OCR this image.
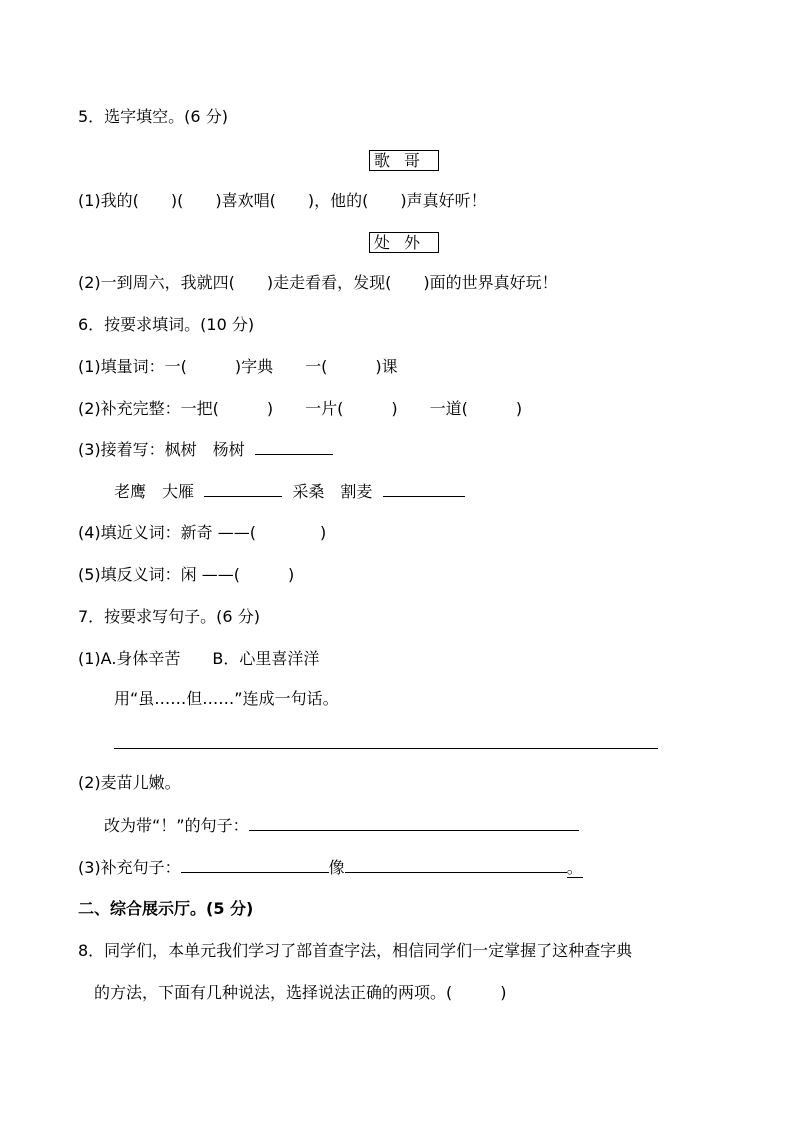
5．选字填空。(6 分)
歌哥
(1)我的(　　)(　　)喜欢唱(　　)，他的(　　)声真好听！
处外
(2)一到周六，我就四(　　)走走看看，发现(　　)面的世界真好玩！
6．按要求填词。(10 分)
(1)填量词：一(　　　)字典　　一(　　　)课
(2)补充完整：一把(　　　)　　一片(　　　)　　一道(　　　)
(3)接着写：枫树　杨树
老鹰　大雁	采桑　割麦
(4)填近义词：新奇 ——(　　　　)
(5)填反义词：闲 ——(　　　)
7．按要求写句子。(6 分)
(1)A.身体辛苦　　B．心里喜洋洋
用“虽……但……”连成一句话。
(2)麦苗儿嫩。
改为带“！”的句子：
(3)补充句子：	像	。
二、综合展示厅。(5 分)
8．同学们，本单元我们学习了部首查字法，相信同学们一定掌握了这种查字典
的方法，下面有几种说法，选择说法正确的两项。(　　　)
